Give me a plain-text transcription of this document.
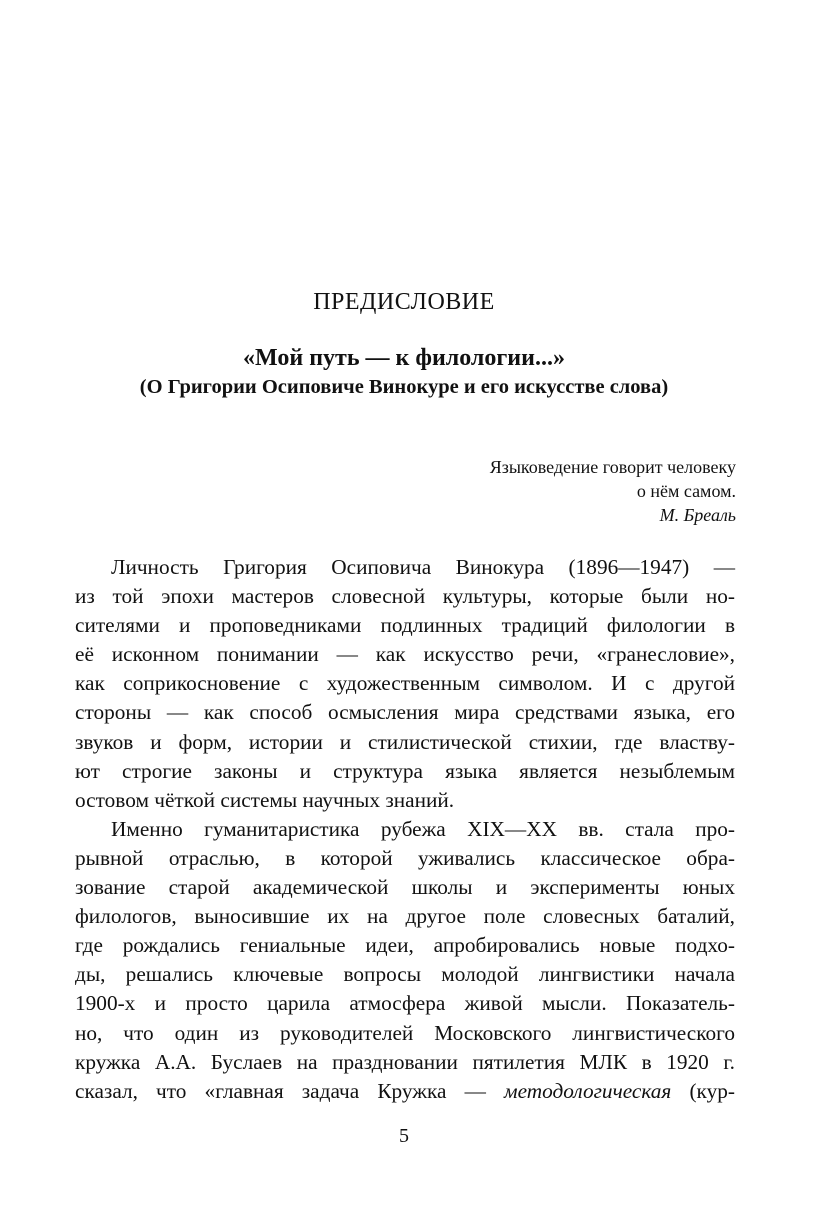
ПРЕДИСЛОВИЕ
«Мой путь — к филологии...»
(О Григории Осиповиче Винокуре и его искусстве слова)
Языковедение говорит человеку
о нём самом.
М. Бреаль
Личность Григория Осиповича Винокура (1896—1947) —
из той эпохи мастеров словесной культуры, которые были но-
сителями и проповедниками подлинных традиций филологии в
её исконном понимании — как искусство речи, «гранесловие»,
как соприкосновение с художественным символом. И с другой
стороны — как способ осмысления мира средствами языка, его
звуков и форм, истории и стилистической стихии, где властву-
ют строгие законы и структура языка является незыблемым
остовом чёткой системы научных знаний.
Именно гуманитаристика рубежа XIX—XX вв. стала про-
рывной отраслью, в которой уживались классическое обра-
зование старой академической школы и эксперименты юных
филологов, выносившие их на другое поле словесных баталий,
где рождались гениальные идеи, апробировались новые подхо-
ды, решались ключевые вопросы молодой лингвистики начала
1900-х и просто царила атмосфера живой мысли. Показатель-
но, что один из руководителей Московского лингвистического
кружка А.А. Буслаев на праздновании пятилетия МЛК в 1920 г.
сказал, что «главная задача Кружка — методологическая (кур-
5
